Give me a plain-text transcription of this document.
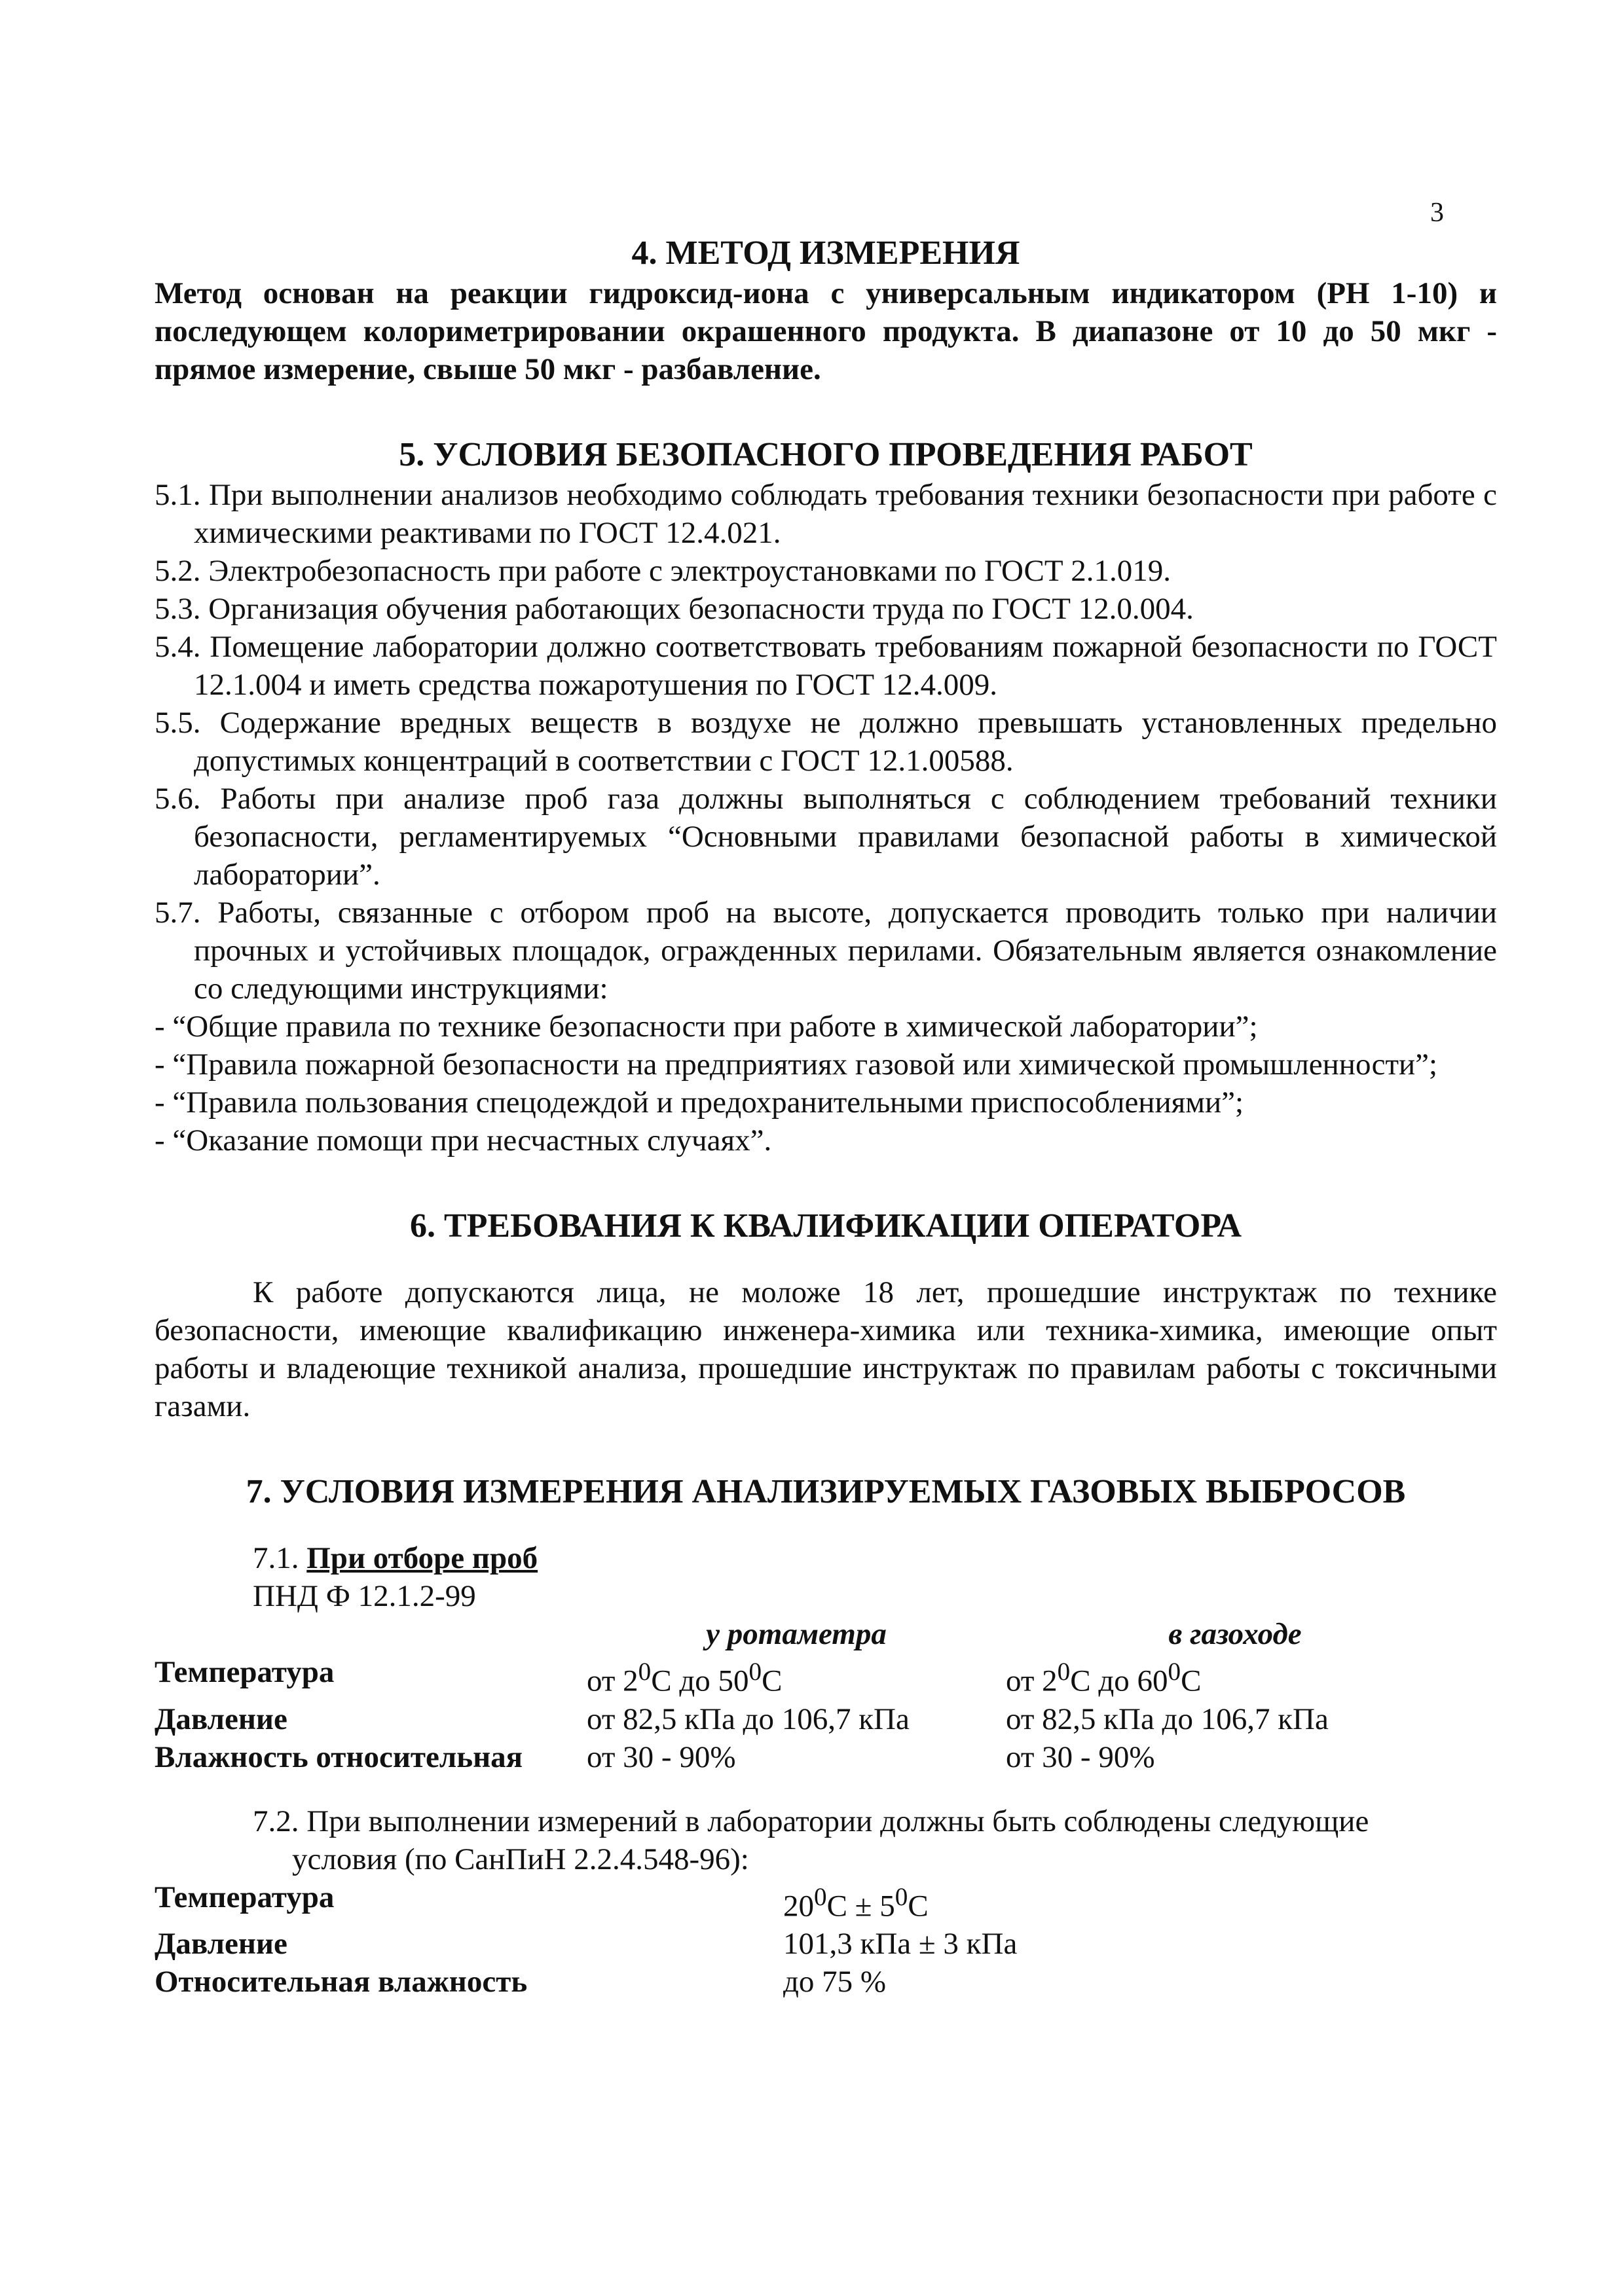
3
4. МЕТОД ИЗМЕРЕНИЯ

Метод основан на реакции гидроксид-иона с универсальным индикатором (РН 1-10) и последующем колориметрировании окрашенного продукта. В диапазоне от 10 до 50 мкг - прямое измерение, свыше 50 мкг - разбавление.

5. УСЛОВИЯ БЕЗОПАСНОГО ПРОВЕДЕНИЯ РАБОТ

5.1. При выполнении анализов необходимо соблюдать требования техники безопасности при работе с химическими реактивами по ГОСТ 12.4.021.

5.2. Электробезопасность при работе с электроустановками по ГОСТ 2.1.019.

5.3. Организация обучения работающих безопасности труда по ГОСТ 12.0.004.

5.4. Помещение лаборатории должно соответствовать требованиям пожарной безопасности по ГОСТ 12.1.004 и иметь средства пожаротушения по ГОСТ 12.4.009.

5.5. Содержание вредных веществ в воздухе не должно превышать установленных предельно допустимых концентраций в соответствии с ГОСТ 12.1.00588.

5.6. Работы при анализе проб газа должны выполняться с соблюдением требований техники безопасности, регламентируемых “Основными правилами безопасной работы в химической лаборатории”.

5.7. Работы, связанные с отбором проб на высоте, допускается проводить только при наличии прочных и устойчивых площадок, огражденных перилами. Обязательным является ознакомление со следующими инструкциями:

- “Общие правила по технике безопасности при работе в химической лаборатории”;

- “Правила пожарной безопасности на предприятиях газовой или химической промышленности”;

- “Правила пользования спецодеждой и предохранительными приспособлениями”;

- “Оказание помощи при несчастных случаях”.

6. ТРЕБОВАНИЯ К КВАЛИФИКАЦИИ ОПЕРАТОРА

К работе допускаются лица, не моложе 18 лет, прошедшие инструктаж по технике безопасности, имеющие квалификацию инженера-химика или техника-химика, имеющие опыт работы и владеющие техникой анализа, прошедшие инструктаж по правилам работы с токсичными газами.

7. УСЛОВИЯ ИЗМЕРЕНИЯ АНАЛИЗИРУЕМЫХ ГАЗОВЫХ ВЫБРОСОВ
7.1. При отборе проб
ПНД Ф 12.1.2-99
	у ротаметра	в газоходе
Температура	от $2^0С$ до $50^0С$	от $2^0С$ до $60^0С$
Давление	от 82,5 кПа до 106,7 кПа	от 82,5 кПа до 106,7 кПа
Влажность относительная	от 30 - 90%	от 30 - 90%
7.2. При выполнении измерений в лаборатории должны быть соблюдены следующие
условия (по СанПиН 2.2.4.548-96):
Температура	$20^0С \pm 5^0С$
Давление	101,3 кПа ± 3 кПа
Относительная влажность	до 75 %
